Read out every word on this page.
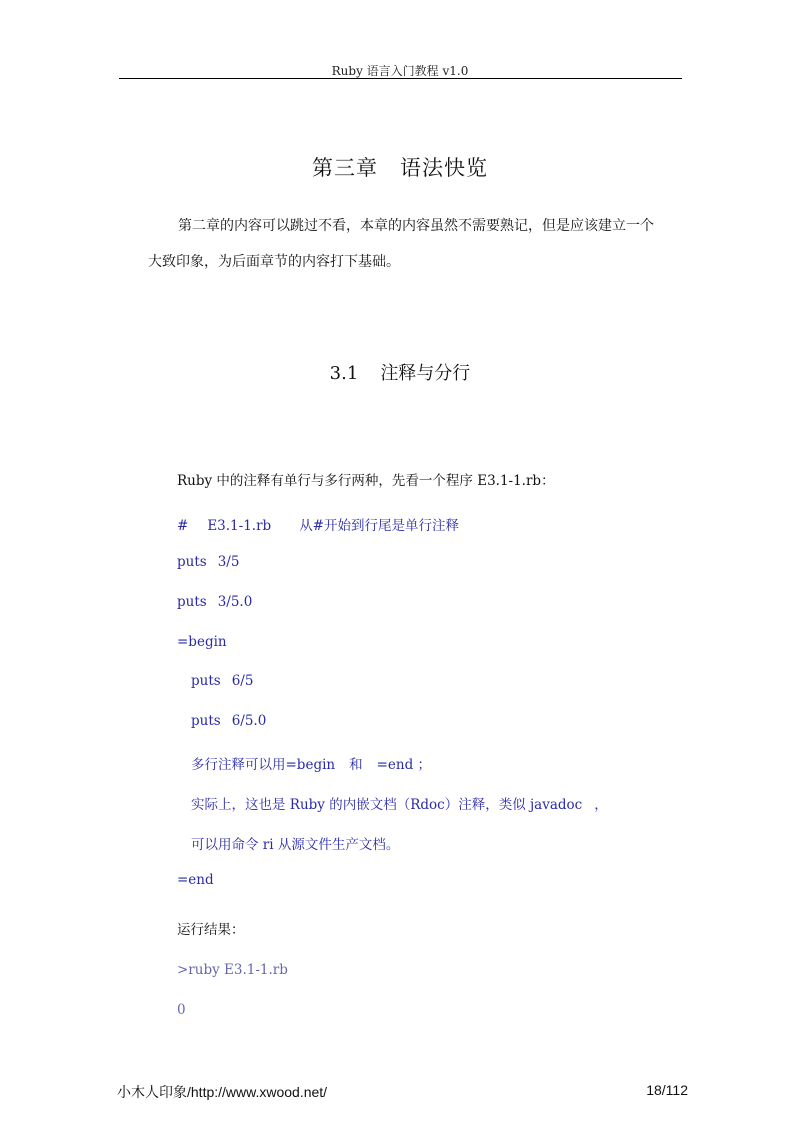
Ruby 语言入门教程 v1.0
第三章 语法快览
第二章的内容可以跳过不看，本章的内容虽然不需要熟记，但是应该建立一个
大致印象，为后面章节的内容打下基础。
3.1 注释与分行
Ruby 中的注释有单行与多行两种，先看一个程序 E3.1-1.rb：
# E3.1-1.rb 从#开始到行尾是单行注释
puts 3/5
puts 3/5.0
=begin
puts 6/5
puts 6/5.0
多行注释可以用=begin 和 =end ；
实际上，这也是 Ruby 的内嵌文档（Rdoc）注释，类似 javadoc ，
可以用命令 ri 从源文件生产文档。
=end
运行结果：
>ruby E3.1-1.rb
0
小木人印象/http://www.xwood.net/	18/112
